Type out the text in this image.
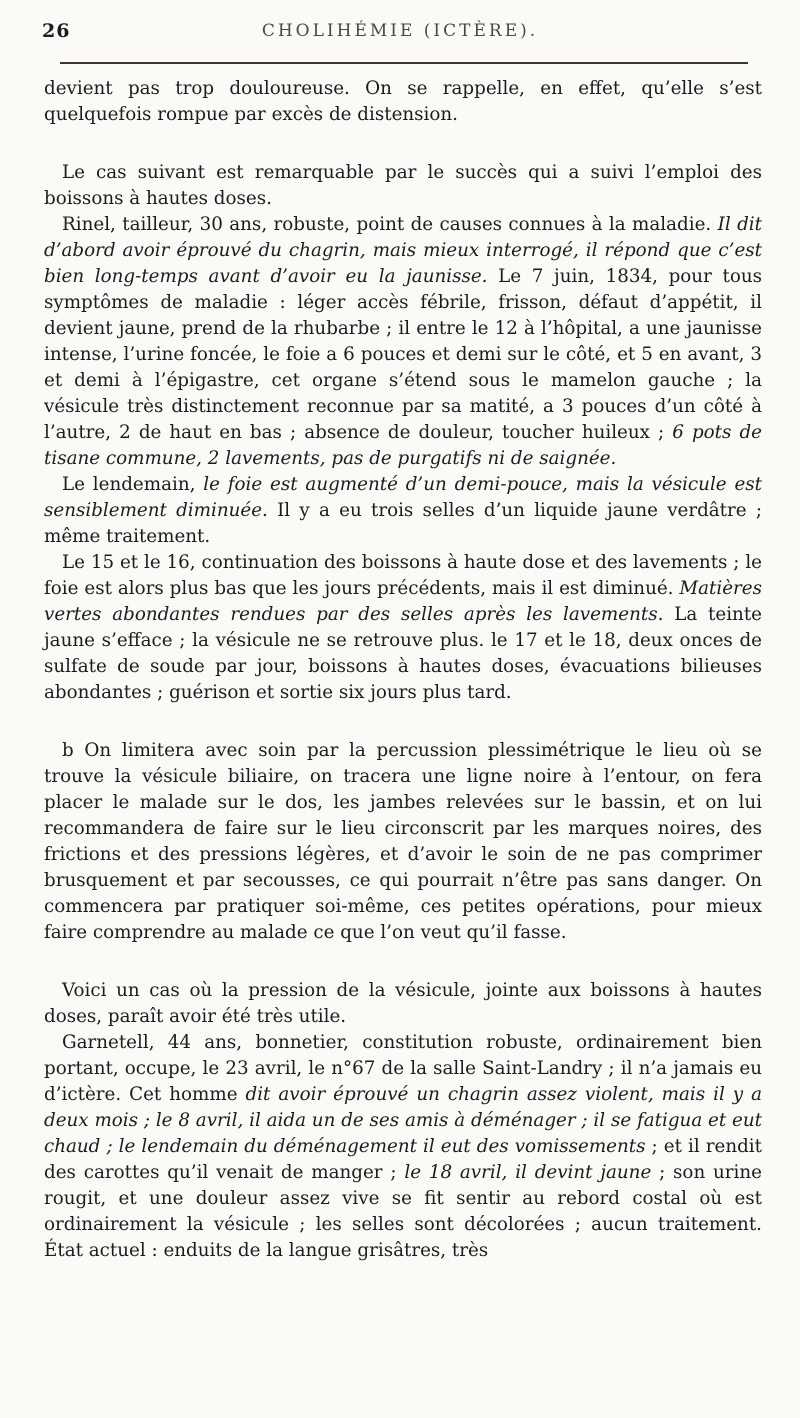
26	CHOLIHÉMIE (ICTÈRE).

devient pas trop douloureuse. On se rappelle, en effet, qu’elle s’est quelquefois rompue par excès de distension.

Le cas suivant est remarquable par le succès qui a suivi l’emploi des boissons à hautes doses.

Rinel, tailleur, 30 ans, robuste, point de causes connues à la maladie. Il dit d’abord avoir éprouvé du chagrin, mais mieux interrogé, il répond que c’est bien long-temps avant d’avoir eu la jaunisse. Le 7 juin, 1834, pour tous symptômes de maladie : léger accès fébrile, frisson, défaut d’appétit, il devient jaune, prend de la rhubarbe ; il entre le 12 à l’hôpital, a une jaunisse intense, l’urine foncée, le foie a 6 pouces et demi sur le côté, et 5 en avant, 3 et demi à l’épigastre, cet organe s’étend sous le mamelon gauche ; la vésicule très distinctement reconnue par sa matité, a 3 pouces d’un côté à l’autre, 2 de haut en bas ; absence de douleur, toucher huileux ; 6 pots de tisane commune, 2 lavements, pas de purgatifs ni de saignée.

Le lendemain, le foie est augmenté d’un demi-pouce, mais la vésicule est sensiblement diminuée. Il y a eu trois selles d’un liquide jaune verdâtre ; même traitement.

Le 15 et le 16, continuation des boissons à haute dose et des lavements ; le foie est alors plus bas que les jours précédents, mais il est diminué. Matières vertes abondantes rendues par des selles après les lavements. La teinte jaune s’efface ; la vésicule ne se retrouve plus. le 17 et le 18, deux onces de sulfate de soude par jour, boissons à hautes doses, évacuations bilieuses abondantes ; guérison et sortie six jours plus tard.

b On limitera avec soin par la percussion plessimétrique le lieu où se trouve la vésicule biliaire, on tracera une ligne noire à l’entour, on fera placer le malade sur le dos, les jambes relevées sur le bassin, et on lui recommandera de faire sur le lieu circonscrit par les marques noires, des frictions et des pressions légères, et d’avoir le soin de ne pas comprimer brusquement et par secousses, ce qui pourrait n’être pas sans danger. On commencera par pratiquer soi-même, ces petites opérations, pour mieux faire comprendre au malade ce que l’on veut qu’il fasse.

Voici un cas où la pression de la vésicule, jointe aux boissons à hautes doses, paraît avoir été très utile.

Garnetell, 44 ans, bonnetier, constitution robuste, ordinairement bien portant, occupe, le 23 avril, le n°67 de la salle Saint-Landry ; il n’a jamais eu d’ictère. Cet homme dit avoir éprouvé un chagrin assez violent, mais il y a deux mois ; le 8 avril, il aida un de ses amis à déménager ; il se fatigua et eut chaud ; le lendemain du déménagement il eut des vomissements ; et il rendit des carottes qu’il venait de manger ; le 18 avril, il devint jaune ; son urine rougit, et une douleur assez vive se fit sentir au rebord costal où est ordinairement la vésicule ; les selles sont décolorées ; aucun traitement. État actuel : enduits de la langue grisâtres, très
